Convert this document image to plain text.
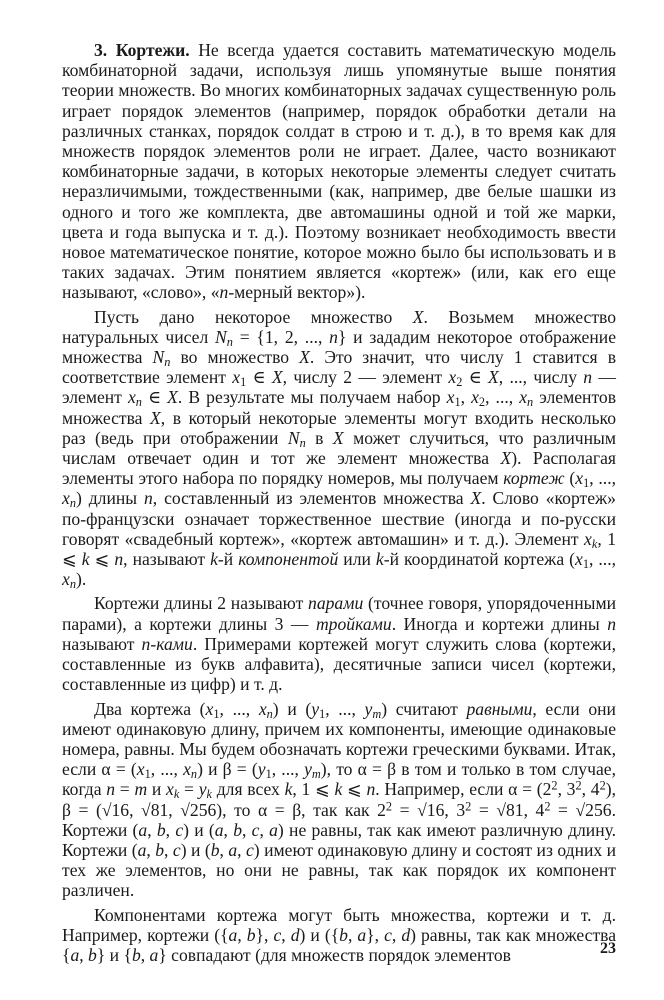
3. Кортежи. Не всегда удается составить математическую модель комбинаторной задачи, используя лишь упомянутые выше понятия теории множеств. Во многих комбинаторных задачах существенную роль играет порядок элементов (например, порядок обработки детали на различных станках, порядок солдат в строю и т. д.), в то время как для множеств порядок элементов роли не играет. Далее, часто возникают комбинаторные задачи, в которых некоторые элементы следует считать неразличимыми, тождественными (как, например, две белые шашки из одного и того же комплекта, две автомашины одной и той же марки, цвета и года выпуска и т. д.). Поэтому возникает необходимость ввести новое математическое понятие, которое можно было бы использовать и в таких задачах. Этим понятием является «кортеж» (или, как его еще называют, «слово», «n-мерный вектор»).

Пусть дано некоторое множество X. Возьмем множество натуральных чисел $N_n = \{1$, 2, ..., n} и зададим некоторое отображение множества $N_n$ во множество X. Это значит, что числу 1 ставится в соответствие элемент $x_1$ ∈ X, числу 2 — элемент $x_2$ ∈ X, ..., числу n — элемент $x_n$ ∈ X. В результате мы получаем набор $x_1$, $x_2$, ..., $x_n$ элементов множества X, в который некоторые элементы могут входить несколько раз (ведь при отображении $N_n$ в X может случиться, что различным числам отвечает один и тот же элемент множества X). Располагая элементы этого набора по порядку номеров, мы получаем кортеж ($x_1$, ..., $x_n$) длины n, составленный из элементов множества X. Слово «кортеж» по-французски означает торжественное шествие (иногда и по-русски говорят «свадебный кортеж», «кортеж автомашин» и т. д.). Элемент $x_k$, 1 ⩽ k ⩽ n, называют k-й компонентой или k-й координатой кортежа ($x_1$, ..., $x_n$).

Кортежи длины 2 называют парами (точнее говоря, упорядоченными парами), а кортежи длины 3 — тройками. Иногда и кортежи длины n называют n-ками. Примерами кортежей могут служить слова (кортежи, составленные из букв алфавита), десятичные записи чисел (кортежи, составленные из цифр) и т. д.

Два кортежа ($x_1$, ..., $x_n$) и ($y_1$, ..., $y_m$) считают равными, если они имеют одинаковую длину, причем их компоненты, имеющие одинаковые номера, равны. Мы будем обозначать кортежи греческими буквами. Итак, если $\alpha = (x_1$, ..., $x_n$) и $\beta = (y_1$, ..., $y_m$), то α = β в том и только в том случае, когда n = m и $x_k = y_k$ для всех k, 1 ⩽ k ⩽ n. Например, если $\alpha = (2^2$, $3^2$, $4^2$), β = (√16, √81, √256), то α = β, так как $2^2 = √16$, $3^2 = √81$, $4^2 = √256$. Кортежи (a, b, c) и (a, b, c, a) не равны, так как имеют различную длину. Кортежи (a, b, c) и (b, a, c) имеют одинаковую длину и состоят из одних и тех же элементов, но они не равны, так как порядок их компонент различен.

Компонентами кортежа могут быть множества, кортежи и т. д. Например, кортежи ({a, b}, c, d) и ({b, a}, c, d) равны, так как множества {a, b} и {b, a} совпадают (для множеств порядок элементов	23
